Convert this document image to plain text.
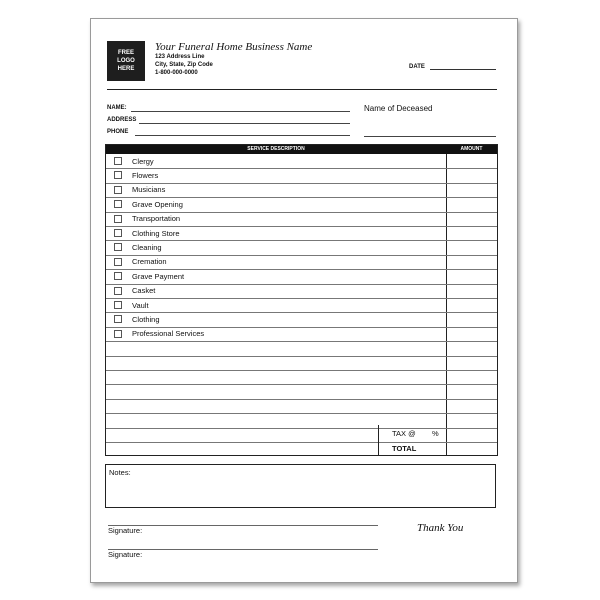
FREE
LOGO
HERE
Your Funeral Home Business Name
123 Address Line
City, State, Zip Code
1-800-000-0000
DATE
NAME:
ADDRESS
PHONE
Name of Deceased
SERVICE DESCRIPTION	AMOUNT
Clergy
Flowers
Musicians
Grave Opening
Transportation
Clothing Store
Cleaning
Cremation
Grave Payment
Casket
Vault
Clothing
Professional Services
TAX @ %
TOTAL
Notes:
Signature:
Signature:
Thank You
